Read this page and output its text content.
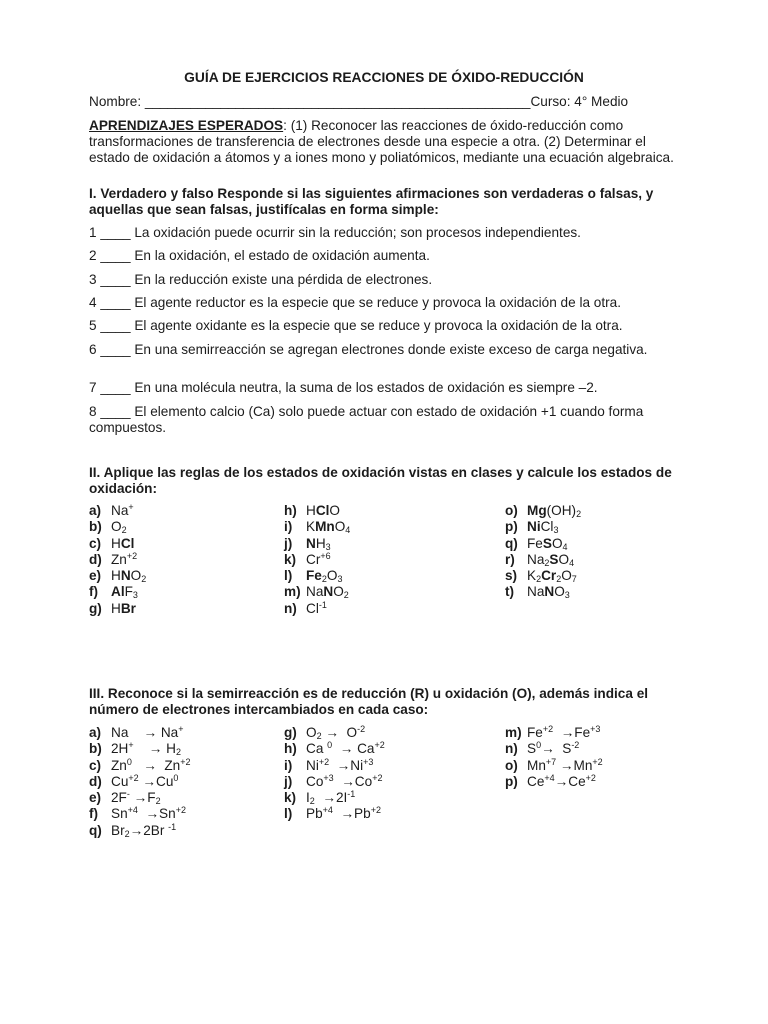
GUÍA DE EJERCICIOS REACCIONES DE ÓXIDO-REDUCCIÓN
Nombre: ___________________________________________________Curso: 4° Medio
APRENDIZAJES ESPERADOS: (1) Reconocer las reacciones de óxido-reducción como transformaciones de transferencia de electrones desde una especie a otra. (2) Determinar el estado de oxidación a átomos y a iones mono y poliatómicos, mediante una ecuación algebraica.
I. Verdadero y falso Responde si las siguientes afirmaciones son verdaderas o falsas, y aquellas que sean falsas, justifícalas en forma simple:
1 ____ La oxidación puede ocurrir sin la reducción; son procesos independientes.
2 ____ En la oxidación, el estado de oxidación aumenta.
3 ____ En la reducción existe una pérdida de electrones.
4 ____ El agente reductor es la especie que se reduce y provoca la oxidación de la otra.
5 ____ El agente oxidante es la especie que se reduce y provoca la oxidación de la otra.
6 ____ En una semirreacción se agregan electrones donde existe exceso de carga negativa.
7 ____ En una molécula neutra, la suma de los estados de oxidación es siempre –2.
8 ____ El elemento calcio (Ca) solo puede actuar con estado de oxidación +1 cuando forma compuestos.
II. Aplique las reglas de los estados de oxidación vistas en clases y calcule los estados de oxidación:
a) Na+
b) $O_2$
c) HCl
d) $Zn^{+2}$
e) $HNO_2$
f) AlF$_3$
g) HBr
h) HClO
i) KMnO$_4$
j) $NH_3$
k) $Cr^{+6}$
l) $Fe_2O_3$
m) NaNO$_2$
n) $Cl^{-1}$
o) $Mg(OH)_2$
p) NiCl$_3$
q) FeSO$_4$
r) $Na_2SO_4$
s) $K_2Cr_2O_7$
t) NaNO$_3$
III. Reconoce si la semirreacción es de reducción (R) u oxidación (O), además indica el número de electrones intercambiados en cada caso:
a) Na    → Na+
b) 2H+    → $H_2$
c) $Zn^0 \to Zn^{+2}$
d) $Cu^{+2} \to Cu^0$
e) $2F^- \to F_2$
f) $Sn^{+4} \to Sn^{+2}$
q) $Br_2\to 2Br$ $^{-1}$
g) $O_2 \to O^{-2}$
h) Ca $^0 \to Ca^{+2}$
i) $Ni^{+2} \to Ni^{+3}$
j) $Co^{+3} \to Co^{+2}$
k) $I_2 \to 2I^{-1}$
l) $Pb^{+4} \to Pb^{+2}$
m) $Fe^{+2} \to Fe^{+3}$
n) $S^0\to S^{-2}$
o) $Mn^{+7} \to Mn^{+2}$
p) $Ce^{+4}\to Ce^{+2}$
